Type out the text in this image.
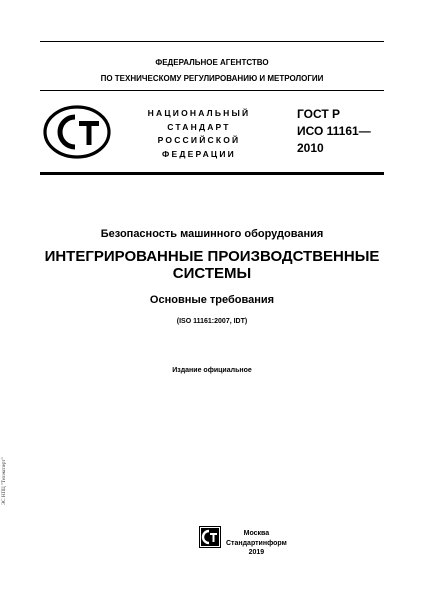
ФЕДЕРАЛЬНОЕ АГЕНТСТВО
ПО ТЕХНИЧЕСКОМУ РЕГУЛИРОВАНИЮ И МЕТРОЛОГИИ
НАЦИОНАЛЬНЫЙ
СТАНДАРТ
РОССИЙСКОЙ
ФЕДЕРАЦИИ
ГОСТ Р
ИСО 11161—
2010
Безопасность машинного оборудования
ИНТЕГРИРОВАННЫЕ ПРОИЗВОДСТВЕННЫЕ
СИСТЕМЫ
Основные требования
(ISO 11161:2007, IDT)
Издание официальное
Москва
Стандартинформ
2019
ЭС НПЦ "Техэксперт"
